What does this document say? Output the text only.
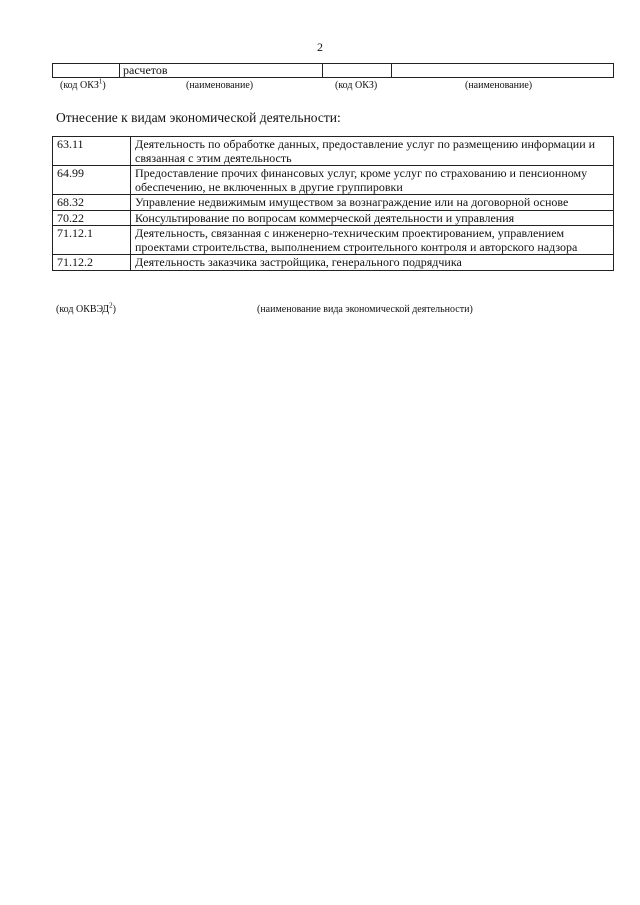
2
	расчетов		
(код ОКЗ$^1$)	(наименование)	(код ОКЗ)	(наименование)
Отнесение к видам экономической деятельности:
63.11	Деятельность по обработке данных, предоставление услуг по размещению информации и связанная с этим деятельность
64.99	Предоставление прочих финансовых услуг, кроме услуг по страхованию и пенсионному обеспечению, не включенных в другие группировки
68.32	Управление недвижимым имуществом за вознаграждение или на договорной основе
70.22	Консультирование по вопросам коммерческой деятельности и управления
71.12.1	Деятельность, связанная с инженерно-техническим проектированием, управлением проектами строительства, выполнением строительного контроля и авторского надзора
71.12.2	Деятельность заказчика застройщика, генерального подрядчика
(код ОКВЭД$^2$)	(наименование вида экономической деятельности)
